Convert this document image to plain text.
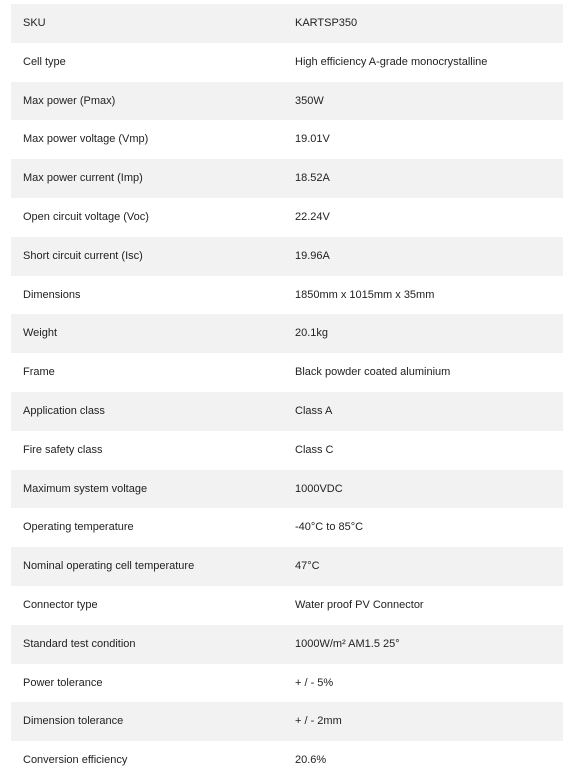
SKU	KARTSP350
Cell type	High efficiency A-grade monocrystalline
Max power (Pmax)	350W
Max power voltage (Vmp)	19.01V
Max power current (Imp)	18.52A
Open circuit voltage (Voc)	22.24V
Short circuit current (Isc)	19.96A
Dimensions	1850mm x 1015mm x 35mm
Weight	20.1kg
Frame	Black powder coated aluminium
Application class	Class A
Fire safety class	Class C
Maximum system voltage	1000VDC
Operating temperature	-40°C to 85°C
Nominal operating cell temperature	47°C
Connector type	Water proof PV Connector
Standard test condition	1000W/m² AM1.5 25°
Power tolerance	+ / - 5%
Dimension tolerance	+ / - 2mm
Conversion efficiency	20.6%
